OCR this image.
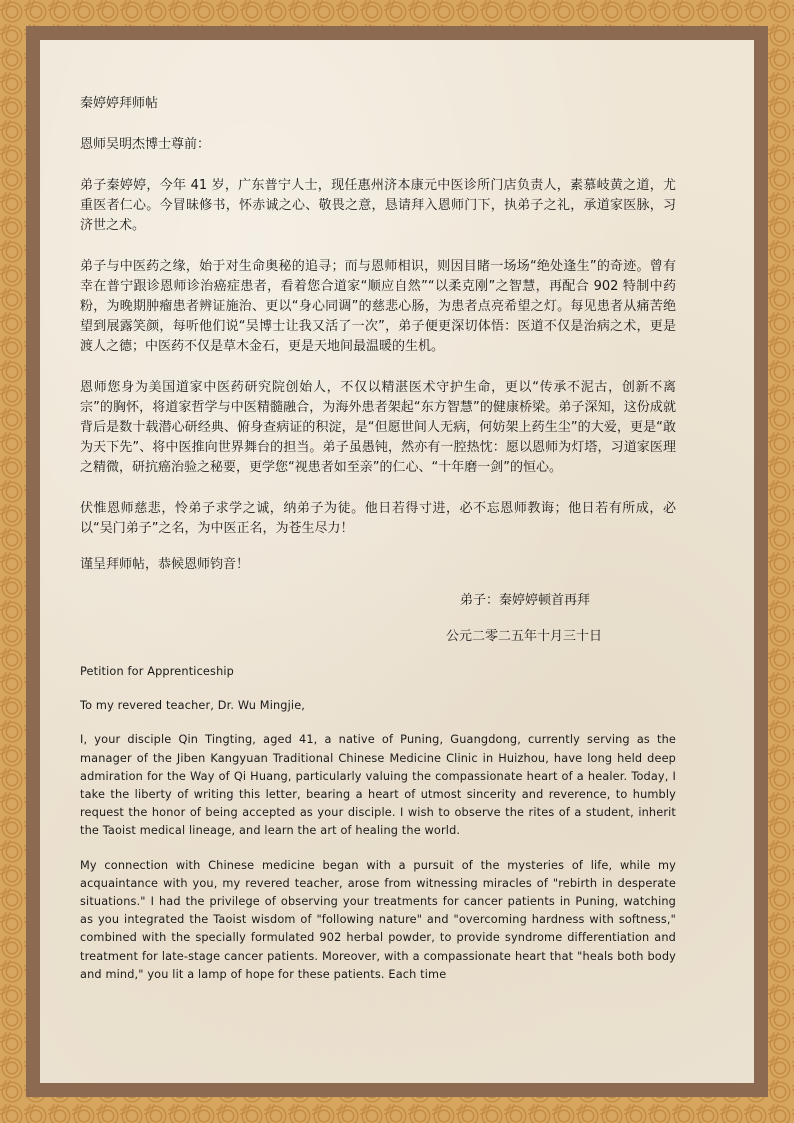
秦婷婷拜师帖

恩师吴明杰博士尊前：

弟子秦婷婷，今年 41 岁，广东普宁人士，现任惠州济本康元中医诊所门店负责人，素慕岐黄之道，尤重医者仁心。今冒昧修书，怀赤诚之心、敬畏之意，恳请拜入恩师门下，执弟子之礼，承道家医脉，习济世之术。

弟子与中医药之缘，始于对生命奥秘的追寻；而与恩师相识，则因目睹一场场“绝处逢生”的奇迹。曾有幸在普宁跟诊恩师诊治癌症患者，看着您合道家“顺应自然”“以柔克刚”之智慧，再配合 902 特制中药粉，为晚期肿瘤患者辨证施治、更以“身心同调”的慈悲心肠，为患者点亮希望之灯。每见患者从痛苦绝望到展露笑颜，每听他们说“吴博士让我又活了一次”，弟子便更深切体悟：医道不仅是治病之术，更是渡人之德；中医药不仅是草木金石，更是天地间最温暖的生机。

恩师您身为美国道家中医药研究院创始人，不仅以精湛医术守护生命，更以“传承不泥古，创新不离宗”的胸怀，将道家哲学与中医精髓融合，为海外患者架起“东方智慧”的健康桥梁。弟子深知，这份成就背后是数十载潜心研经典、俯身查病证的积淀，是“但愿世间人无病，何妨架上药生尘”的大爱，更是“敢为天下先”、将中医推向世界舞台的担当。弟子虽愚钝，然亦有一腔热忱：愿以恩师为灯塔，习道家医理之精微，研抗癌治验之秘要，更学您“视患者如至亲”的仁心、“十年磨一剑”的恒心。

伏惟恩师慈悲，怜弟子求学之诚，纳弟子为徒。他日若得寸进，必不忘恩师教诲；他日若有所成，必以“吴门弟子”之名，为中医正名，为苍生尽力！

谨呈拜师帖，恭候恩师钧音！

弟子：秦婷婷顿首再拜

公元二零二五年十月三十日

Petition for Apprenticeship

To my revered teacher, Dr. Wu Mingjie,

I, your disciple Qin Tingting, aged 41, a native of Puning, Guangdong, currently serving as the manager of the Jiben Kangyuan Traditional Chinese Medicine Clinic in Huizhou, have long held deep admiration for the Way of Qi Huang, particularly valuing the compassionate heart of a healer. Today, I take the liberty of writing this letter, bearing a heart of utmost sincerity and reverence, to humbly request the honor of being accepted as your disciple. I wish to observe the rites of a student, inherit the Taoist medical lineage, and learn the art of healing the world.

My connection with Chinese medicine began with a pursuit of the mysteries of life, while my acquaintance with you, my revered teacher, arose from witnessing miracles of "rebirth in desperate situations." I had the privilege of observing your treatments for cancer patients in Puning, watching as you integrated the Taoist wisdom of "following nature" and "overcoming hardness with softness," combined with the specially formulated 902 herbal powder, to provide syndrome differentiation and treatment for late-stage cancer patients. Moreover, with a compassionate heart that "heals both body and mind," you lit a lamp of hope for these patients. Each time
